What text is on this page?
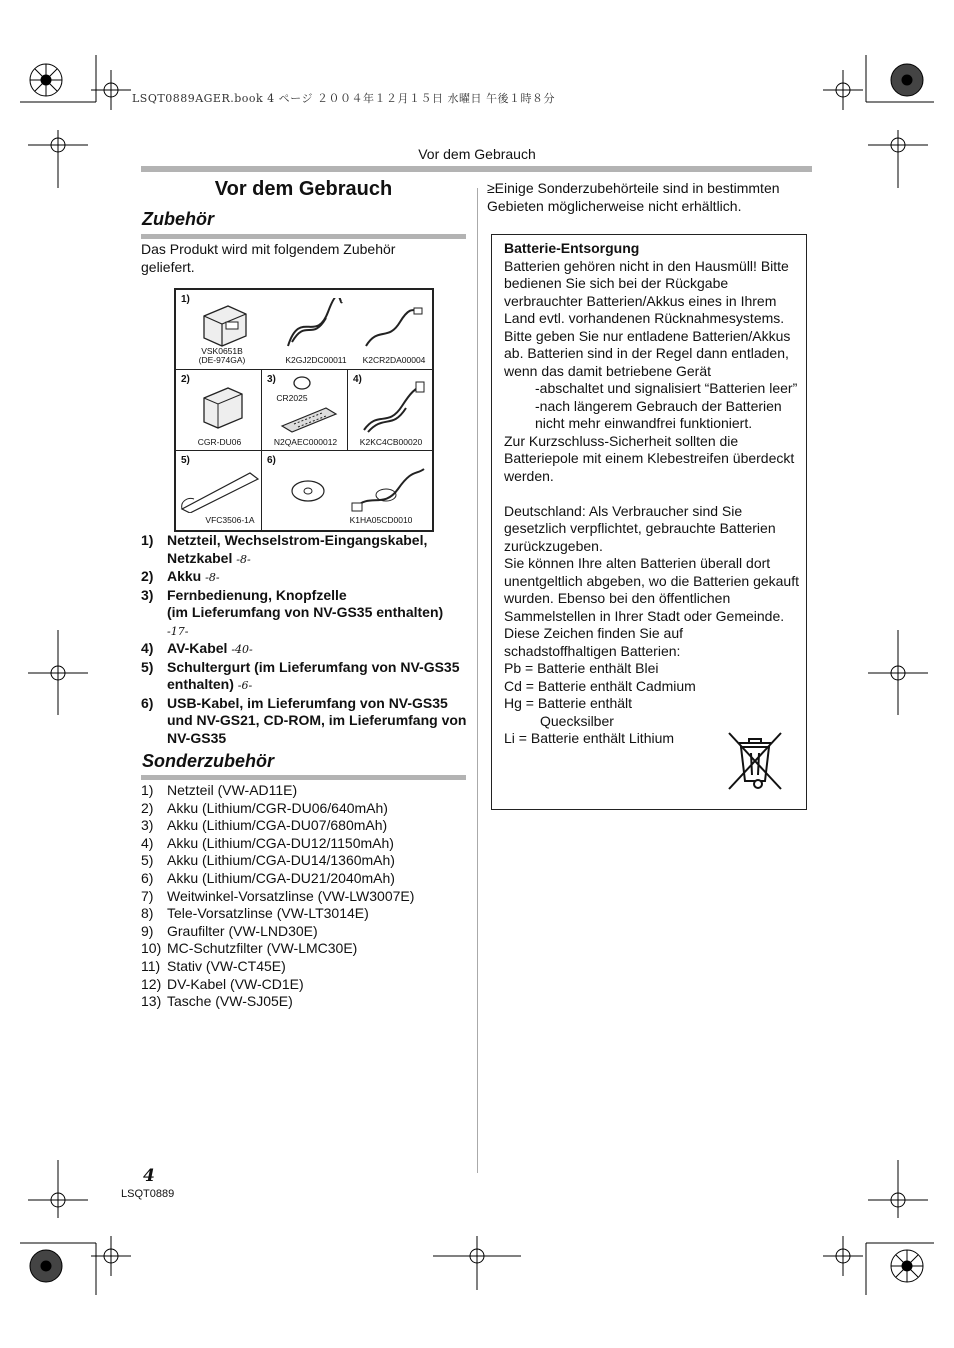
LSQT0889AGER.book 4 ページ ２００４年１２月１５日 水曜日 午後１時８分
Vor dem Gebrauch
Vor dem Gebrauch
Zubehör
Das Produkt wird mit folgendem Zubehör geliefert.
1)
VSK0651B
(DE-974GA)	K2GJ2DC00011	K2CR2DA00004
2)
CGR-DU06
3)
CR2025
N2QAEC000012
4)
K2KC4CB00020
5)
VFC3506-1A
6)
K1HA05CD0010
1) Netzteil, Wechselstrom-Eingangskabel, Netzkabel -8-
2) Akku -8-
3) Fernbedienung, Knopfzelle
(im Lieferumfang von NV-GS35 enthalten)
-17-
4) AV-Kabel -40-
5) Schultergurt (im Lieferumfang von NV-GS35 enthalten) -6-
6) USB-Kabel, im Lieferumfang von NV-GS35 und NV-GS21, CD-ROM, im Lieferumfang von NV-GS35
Sonderzubehör
1) Netzteil (VW-AD11E)
2) Akku (Lithium/CGR-DU06/640mAh)
3) Akku (Lithium/CGA-DU07/680mAh)
4) Akku (Lithium/CGA-DU12/1150mAh)
5) Akku (Lithium/CGA-DU14/1360mAh)
6) Akku (Lithium/CGA-DU21/2040mAh)
7) Weitwinkel-Vorsatzlinse (VW-LW3007E)
8) Tele-Vorsatzlinse (VW-LT3014E)
9) Graufilter (VW-LND30E)
10) MC-Schutzfilter (VW-LMC30E)
11) Stativ (VW-CT45E)
12) DV-Kabel (VW-CD1E)
13) Tasche (VW-SJ05E)
≥Einige Sonderzubehörteile sind in bestimmten Gebieten möglicherweise nicht erhältlich.
Batterie-Entsorgung
Batterien gehören nicht in den Hausmüll! Bitte bedienen Sie sich bei der Rückgabe verbrauchter Batterien/Akkus eines in Ihrem Land evtl. vorhandenen Rücknahmesystems. Bitte geben Sie nur entladene Batterien/Akkus ab. Batterien sind in der Regel dann entladen, wenn das damit betriebene Gerät
-abschaltet und signalisiert “Batterien leer”
-nach längerem Gebrauch der Batterien nicht mehr einwandfrei funktioniert.
Zur Kurzschluss-Sicherheit sollten die Batteriepole mit einem Klebestreifen überdeckt werden.
Deutschland: Als Verbraucher sind Sie gesetzlich verpflichtet, gebrauchte Batterien zurückzugeben.
Sie können Ihre alten Batterien überall dort unentgeltlich abgeben, wo die Batterien gekauft wurden. Ebenso bei den öffentlichen Sammelstellen in Ihrer Stadt oder Gemeinde.
Diese Zeichen finden Sie auf schadstoffhaltigen Batterien:
Pb = Batterie enthält Blei
Cd = Batterie enthält Cadmium
Hg = Batterie enthält
Quecksilber
Li = Batterie enthält Lithium
4
LSQT0889
